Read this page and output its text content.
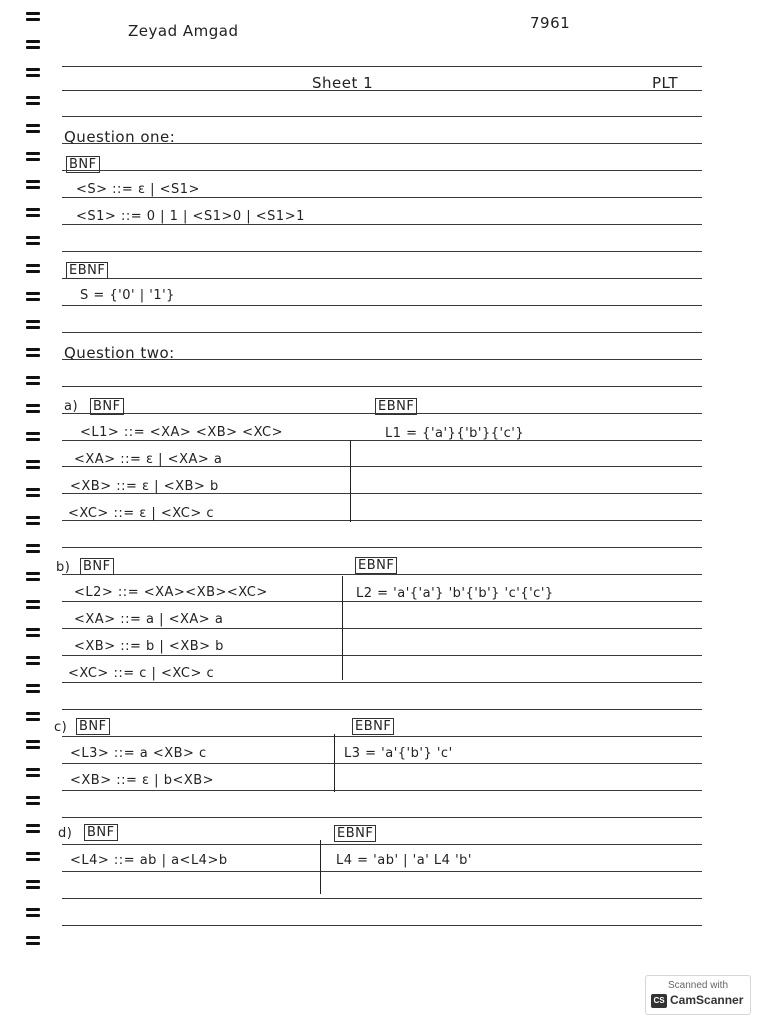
Zeyad Amgad	7961
Sheet 1	PLT
Question one:
BNF
<S> ::= ε | <S1>
<S1> ::= 0 | 1 | <S1>0 | <S1>1
EBNF
S = {'0' | '1'}
Question two:
a) BNF
<L1> ::= <XA> <XB> <XC>
<XA> ::= ε | <XA> a
<XB> ::= ε | <XB> b
<XC> ::= ε | <XC> c
EBNF
L1 = {'a'}{'b'}{'c'}
b) BNF
<L2> ::= <XA><XB><XC>
<XA> ::= a | <XA> a
<XB> ::= b | <XB> b
<XC> ::= c | <XC> c
EBNF
L2 = 'a'{'a'} 'b'{'b'} 'c'{'c'}
c) BNF
<L3> ::= a <XB> c
<XB> ::= ε | b<XB>
EBNF
L3 = 'a'{'b'} 'c'
d) BNF
<L4> ::= ab | a<L4>b
EBNF
L4 = 'ab' | 'a' L4 'b'
Scanned with
CS CamScanner
